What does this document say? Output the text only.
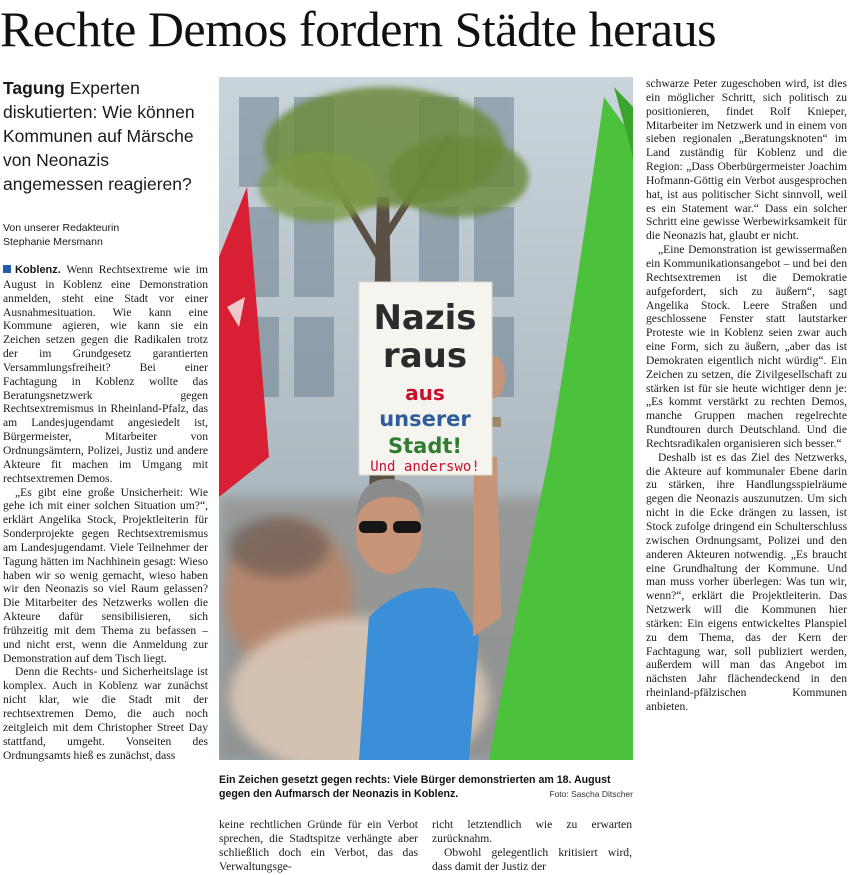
Rechte Demos fordern Städte heraus
Tagung Experten diskutierten: Wie können Kommunen auf Märsche von Neonazis angemessen reagieren?
Von unserer Redakteurin
Stephanie Mersmann

Koblenz. Wenn Rechtsextreme wie im August in Koblenz eine Demonstration anmelden, steht eine Stadt vor einer Ausnahmesituation. Wie kann eine Kommune agieren, wie kann sie ein Zeichen setzen gegen die Radikalen trotz der im Grundgesetz garantierten Versammlungsfreiheit? Bei einer Fachtagung in Koblenz wollte das Beratungsnetzwerk gegen Rechtsextremismus in Rheinland-Pfalz, das am Landesjugendamt angesiedelt ist, Bürgermeister, Mitarbeiter von Ordnungsämtern, Polizei, Justiz und andere Akteure fit machen im Umgang mit rechtsextremen Demos.

„Es gibt eine große Unsicherheit: Wie gehe ich mit einer solchen Situation um?“, erklärt Angelika Stock, Projektleiterin für Sonderprojekte gegen Rechtsextremismus am Landesjugendamt. Viele Teilnehmer der Tagung hätten im Nachhinein gesagt: Wieso haben wir so wenig gemacht, wieso haben wir den Neonazis so viel Raum gelassen? Die Mitarbeiter des Netzwerks wollen die Akteure dafür sensibilisieren, sich frühzeitig mit dem Thema zu befassen – und nicht erst, wenn die Anmeldung zur Demonstration auf dem Tisch liegt.

Denn die Rechts- und Sicherheitslage ist komplex. Auch in Koblenz war zunächst nicht klar, wie die Stadt mit der rechtsextremen Demo, die auch noch zeitgleich mit dem Christopher Street Day stattfand, umgeht. Vonseiten des Ordnungsamts hieß es zunächst, dass

Nazis
raus
aus
unserer
Stadt!
Und anderswo!
Ein Zeichen gesetzt gegen rechts: Viele Bürger demonstrierten am 18. August gegen den Aufmarsch der Neonazis in Koblenz.	Foto: Sascha Ditscher

keine rechtlichen Gründe für ein Verbot sprechen, die Stadtspitze verhängte aber schließlich doch ein Verbot, das das Verwaltungsge-

richt letztendlich wie zu erwarten zurücknahm.

Obwohl gelegentlich kritisiert wird, dass damit der Justiz der

schwarze Peter zugeschoben wird, ist dies ein möglicher Schritt, sich politisch zu positionieren, findet Rolf Knieper, Mitarbeiter im Netzwerk und in einem von sieben regionalen „Beratungsknoten“ im Land zuständig für Koblenz und die Region: „Dass Oberbürgermeister Joachim Hofmann-Göttig ein Verbot ausgesprochen hat, ist aus politischer Sicht sinnvoll, weil es ein Statement war.“ Dass ein solcher Schritt eine gewisse Werbewirksamkeit für die Neonazis hat, glaubt er nicht.

„Eine Demonstration ist gewissermaßen ein Kommunikationsangebot – und bei den Rechtsextremen ist die Demokratie aufgefordert, sich zu äußern“, sagt Angelika Stock. Leere Straßen und geschlossene Fenster statt lautstarker Proteste wie in Koblenz seien zwar auch eine Form, sich zu äußern, „aber das ist Demokraten eigentlich nicht würdig“. Ein Zeichen zu setzen, die Zivilgesellschaft zu stärken ist für sie heute wichtiger denn je: „Es kommt verstärkt zu rechten Demos, manche Gruppen machen regelrechte Rundtouren durch Deutschland. Und die Rechtsradikalen organisieren sich besser.“

Deshalb ist es das Ziel des Netzwerks, die Akteure auf kommunaler Ebene darin zu stärken, ihre Handlungsspielräume gegen die Neonazis auszunutzen. Um sich nicht in die Ecke drängen zu lassen, ist Stock zufolge dringend ein Schulterschluss zwischen Ordnungsamt, Polizei und den anderen Akteuren notwendig. „Es braucht eine Grundhaltung der Kommune. Und man muss vorher überlegen: Was tun wir, wenn?“, erklärt die Projektleiterin. Das Netzwerk will die Kommunen hier stärken: Ein eigens entwickeltes Planspiel zu dem Thema, das der Kern der Fachtagung war, soll publiziert werden, außerdem will man das Angebot im nächsten Jahr flächendeckend in den rheinland-pfälzischen Kommunen anbieten.
